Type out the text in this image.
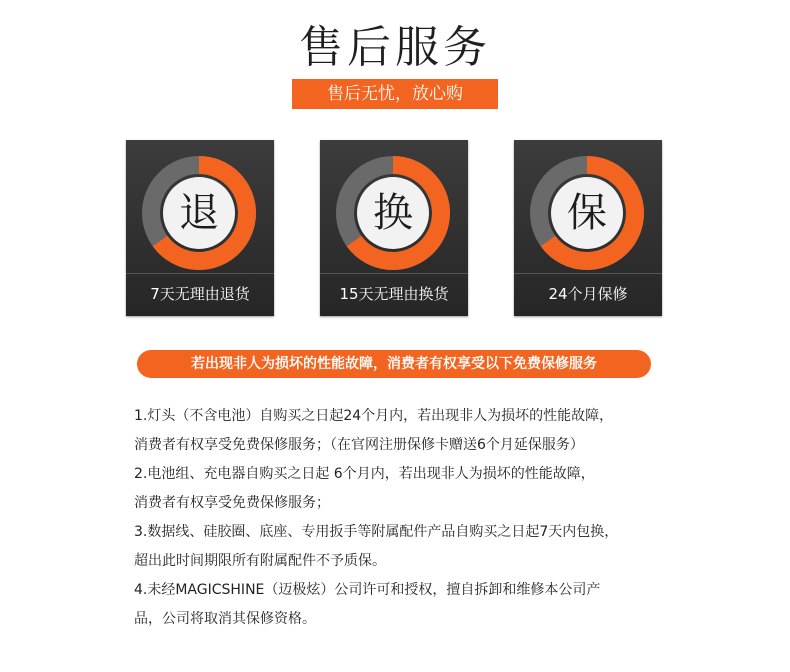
售后服务
售后无忧，放心购
退
7天无理由退货
换
15天无理由换货
保
24个月保修
若出现非人为损坏的性能故障，消费者有权享受以下免费保修服务
1.灯头（不含电池）自购买之日起24个月内，若出现非人为损坏的性能故障，
消费者有权享受免费保修服务；（在官网注册保修卡赠送6个月延保服务）
2.电池组、充电器自购买之日起 6个月内，若出现非人为损坏的性能故障，
消费者有权享受免费保修服务；
3.数据线、硅胶圈、底座、专用扳手等附属配件产品自购买之日起7天内包换，
超出此时间期限所有附属配件不予质保。
4.未经MAGICSHINE（迈极炫）公司许可和授权，擅自拆卸和维修本公司产
品，公司将取消其保修资格。
